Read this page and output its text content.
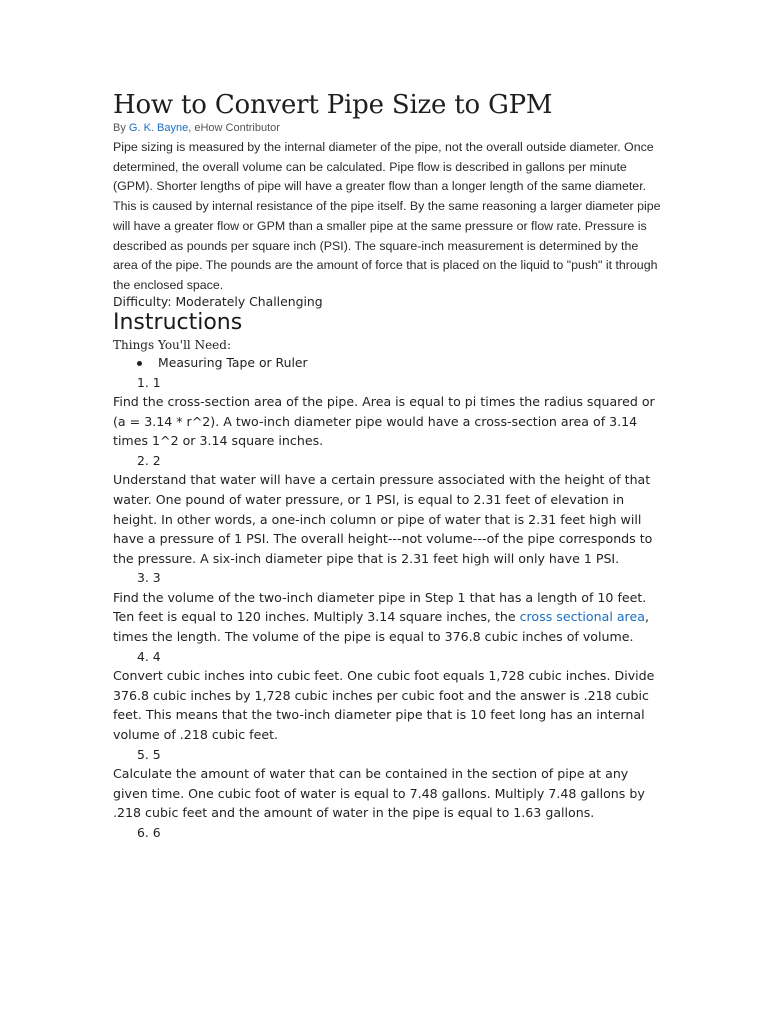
How to Convert Pipe Size to GPM
By G. K. Bayne, eHow Contributor

Pipe sizing is measured by the internal diameter of the pipe, not the overall outside diameter. Once determined, the overall volume can be calculated. Pipe flow is described in gallons per minute (GPM). Shorter lengths of pipe will have a greater flow than a longer length of the same diameter. This is caused by internal resistance of the pipe itself. By the same reasoning a larger diameter pipe will have a greater flow or GPM than a smaller pipe at the same pressure or flow rate. Pressure is described as pounds per square inch (PSI). The square-inch measurement is determined by the area of the pipe. The pounds are the amount of force that is placed on the liquid to "push" it through the enclosed space.

Difficulty: Moderately Challenging
Instructions
Things You'll Need:
Measuring Tape or Ruler
1. 1

Find the cross-section area of the pipe. Area is equal to pi times the radius squared or (a = 3.14 * r^2). A two-inch diameter pipe would have a cross-section area of 3.14 times 1^2 or 3.14 square inches.

2. 2

Understand that water will have a certain pressure associated with the height of that water. One pound of water pressure, or 1 PSI, is equal to 2.31 feet of elevation in height. In other words, a one-inch column or pipe of water that is 2.31 feet high will have a pressure of 1 PSI. The overall height---not volume---of the pipe corresponds to the pressure. A six-inch diameter pipe that is 2.31 feet high will only have 1 PSI.

3. 3

Find the volume of the two-inch diameter pipe in Step 1 that has a length of 10 feet. Ten feet is equal to 120 inches. Multiply 3.14 square inches, the cross sectional area, times the length. The volume of the pipe is equal to 376.8 cubic inches of volume.

4. 4

Convert cubic inches into cubic feet. One cubic foot equals 1,728 cubic inches. Divide 376.8 cubic inches by 1,728 cubic inches per cubic foot and the answer is .218 cubic feet. This means that the two-inch diameter pipe that is 10 feet long has an internal volume of .218 cubic feet.

5. 5

Calculate the amount of water that can be contained in the section of pipe at any given time. One cubic foot of water is equal to 7.48 gallons. Multiply 7.48 gallons by .218 cubic feet and the amount of water in the pipe is equal to 1.63 gallons.

6. 6
